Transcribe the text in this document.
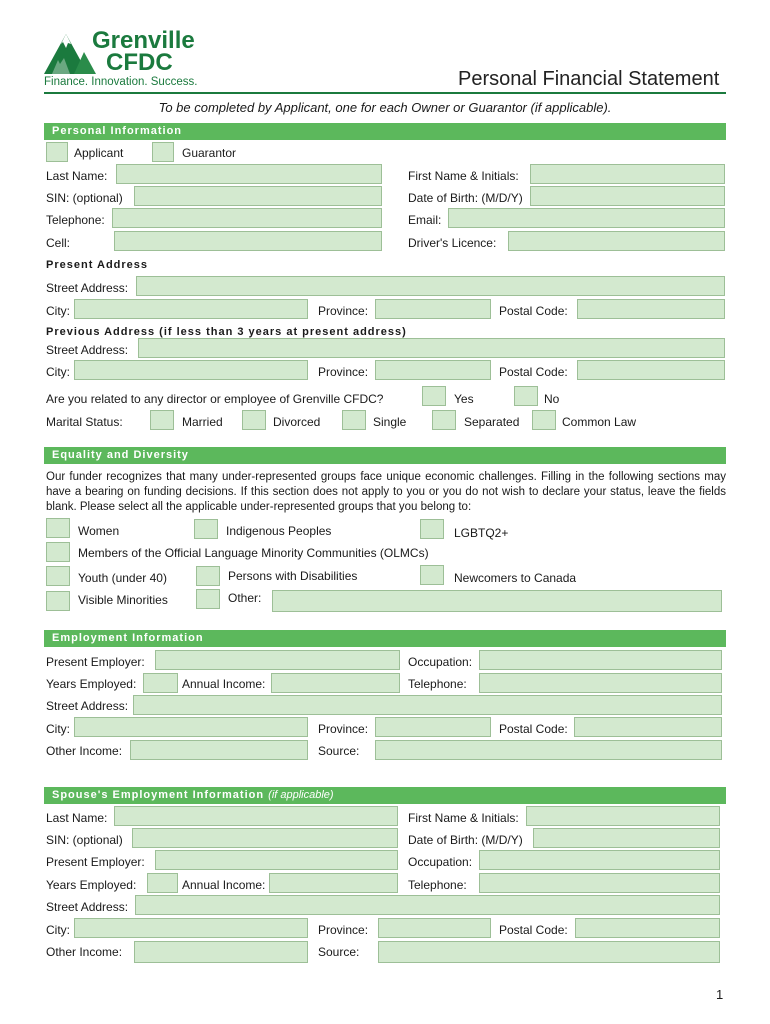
Grenville
CFDC
Finance. Innovation. Success.	Personal Financial Statement
To be completed by Applicant, one for each Owner or Guarantor (if applicable).
Personal Information
Applicant	Guarantor
Last Name:	First Name & Initials:
SIN: (optional)	Date of Birth: (M/D/Y)
Telephone:	Email:
Cell:	Driver's Licence:
Present Address
Street Address:
City:	Province:	Postal Code:
Previous Address (if less than 3 years at present address)
Street Address:
City:	Province:	Postal Code:
Are you related to any director or employee of Grenville CFDC?	Yes	No
Marital Status:	Married	Divorced	Single	Separated	Common Law
Equality and Diversity
Our funder recognizes that many under-represented groups face unique economic challenges. Filling in the following sections may have a bearing on funding decisions. If this section does not apply to you or you do not wish to declare your status, leave the fields blank. Please select all the applicable under-represented groups that you belong to:
Women	Indigenous Peoples	LGBTQ2+
Members of the Official Language Minority Communities (OLMCs)
Youth (under 40)	Persons with Disabilities	Newcomers to Canada
Visible Minorities	Other:
Employment Information
Present Employer:	Occupation:
Years Employed:	Annual Income:	Telephone:
Street Address:
City:	Province:	Postal Code:
Other Income:	Source:
Spouse's Employment Information (if applicable)
Last Name:	First Name & Initials:
SIN: (optional)	Date of Birth: (M/D/Y)
Present Employer:	Occupation:
Years Employed:	Annual Income:	Telephone:
Street Address:
City:	Province:	Postal Code:
Other Income:	Source:
1
